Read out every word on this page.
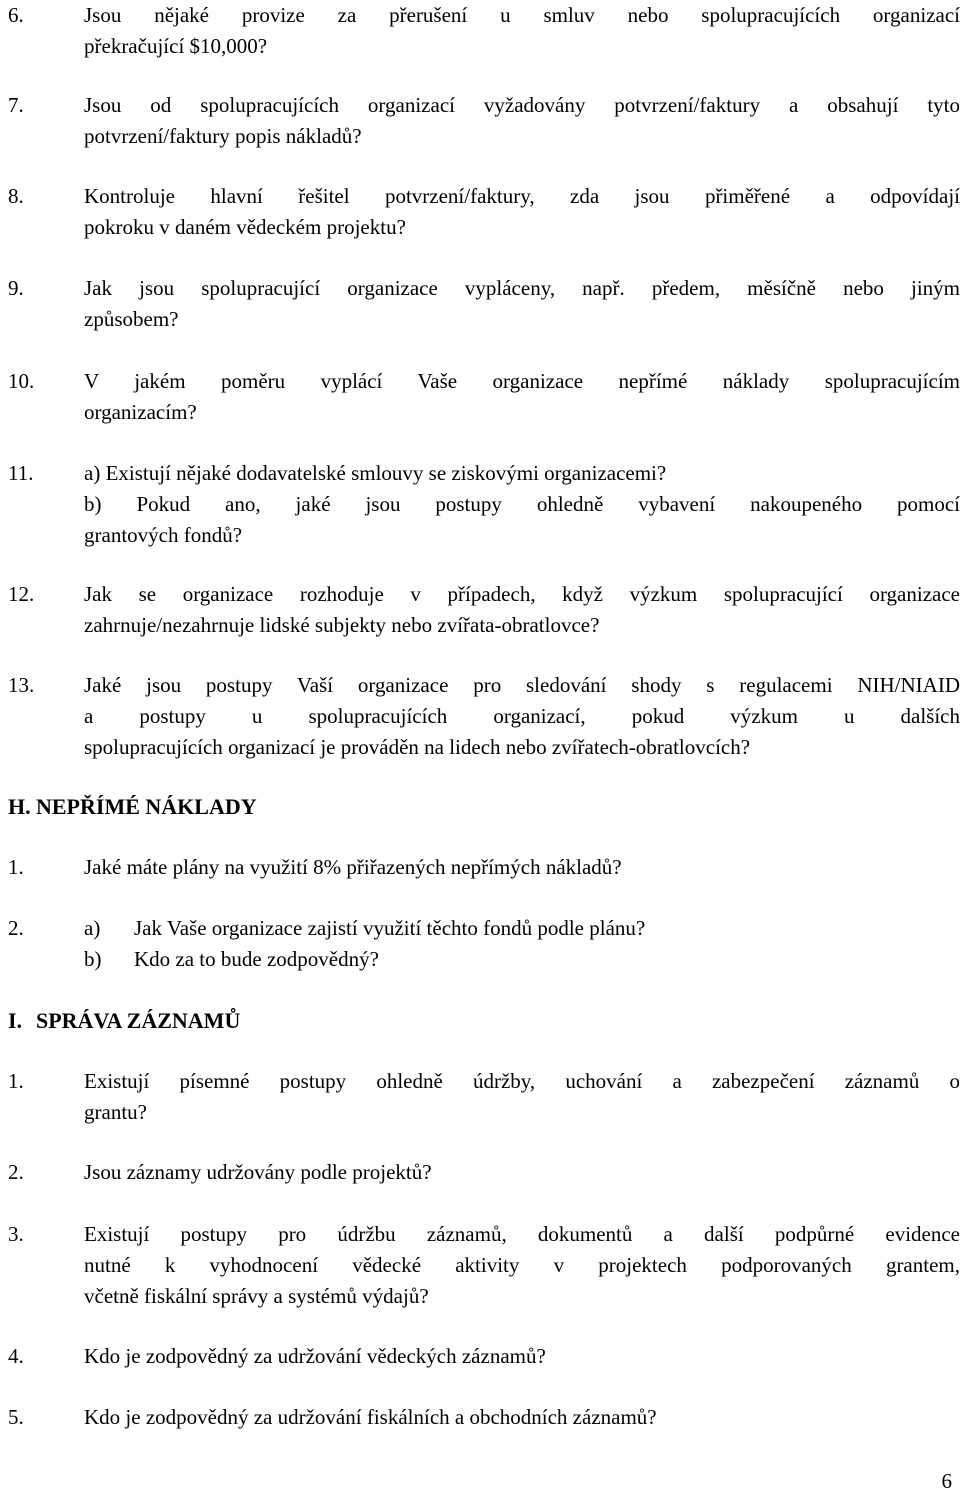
6.	Jsou nějaké provize za přerušení u smluv nebo spolupracujících organizací
překračující $10,000?
7.	Jsou od spolupracujících organizací vyžadovány potvrzení/faktury a obsahují tyto
potvrzení/faktury popis nákladů?
8.	Kontroluje hlavní řešitel potvrzení/faktury, zda jsou přiměřené a odpovídají
pokroku v daném vědeckém projektu?
9.	Jak jsou spolupracující organizace vypláceny, např. předem, měsíčně nebo jiným
způsobem?
10. V jakém poměru vyplácí Vaše organizace nepřímé náklady spolupracujícím
organizacím?
11. a) Existují nějaké dodavatelské smlouvy se ziskovými organizacemi?
b) Pokud ano, jaké jsou postupy ohledně vybavení nakoupeného pomocí
grantových fondů?
12. Jak se organizace rozhoduje v případech, když výzkum spolupracující organizace
zahrnuje/nezahrnuje lidské subjekty nebo zvířata-obratlovce?
13. Jaké jsou postupy Vaší organizace pro sledování shody s regulacemi NIH/NIAID
a postupy u spolupracujících organizací, pokud výzkum u dalších
spolupracujících organizací je prováděn na lidech nebo zvířatech-obratlovcích?
H. NEPŘÍMÉ NÁKLADY
1.	Jaké máte plány na využití 8% přiřazených nepřímých nákladů?
2.	a)	Jak Vaše organizace zajistí využití těchto fondů podle plánu?
b)	Kdo za to bude zodpovědný?
I. SPRÁVA ZÁZNAMŮ
1.	Existují písemné postupy ohledně údržby, uchování a zabezpečení záznamů o
grantu?
2.	Jsou záznamy udržovány podle projektů?
3.	Existují postupy pro údržbu záznamů, dokumentů a další podpůrné evidence
nutné k vyhodnocení vědecké aktivity v projektech podporovaných grantem,
včetně fiskální správy a systémů výdajů?
4.	Kdo je zodpovědný za udržování vědeckých záznamů?
5.	Kdo je zodpovědný za udržování fiskálních a obchodních záznamů?
6
